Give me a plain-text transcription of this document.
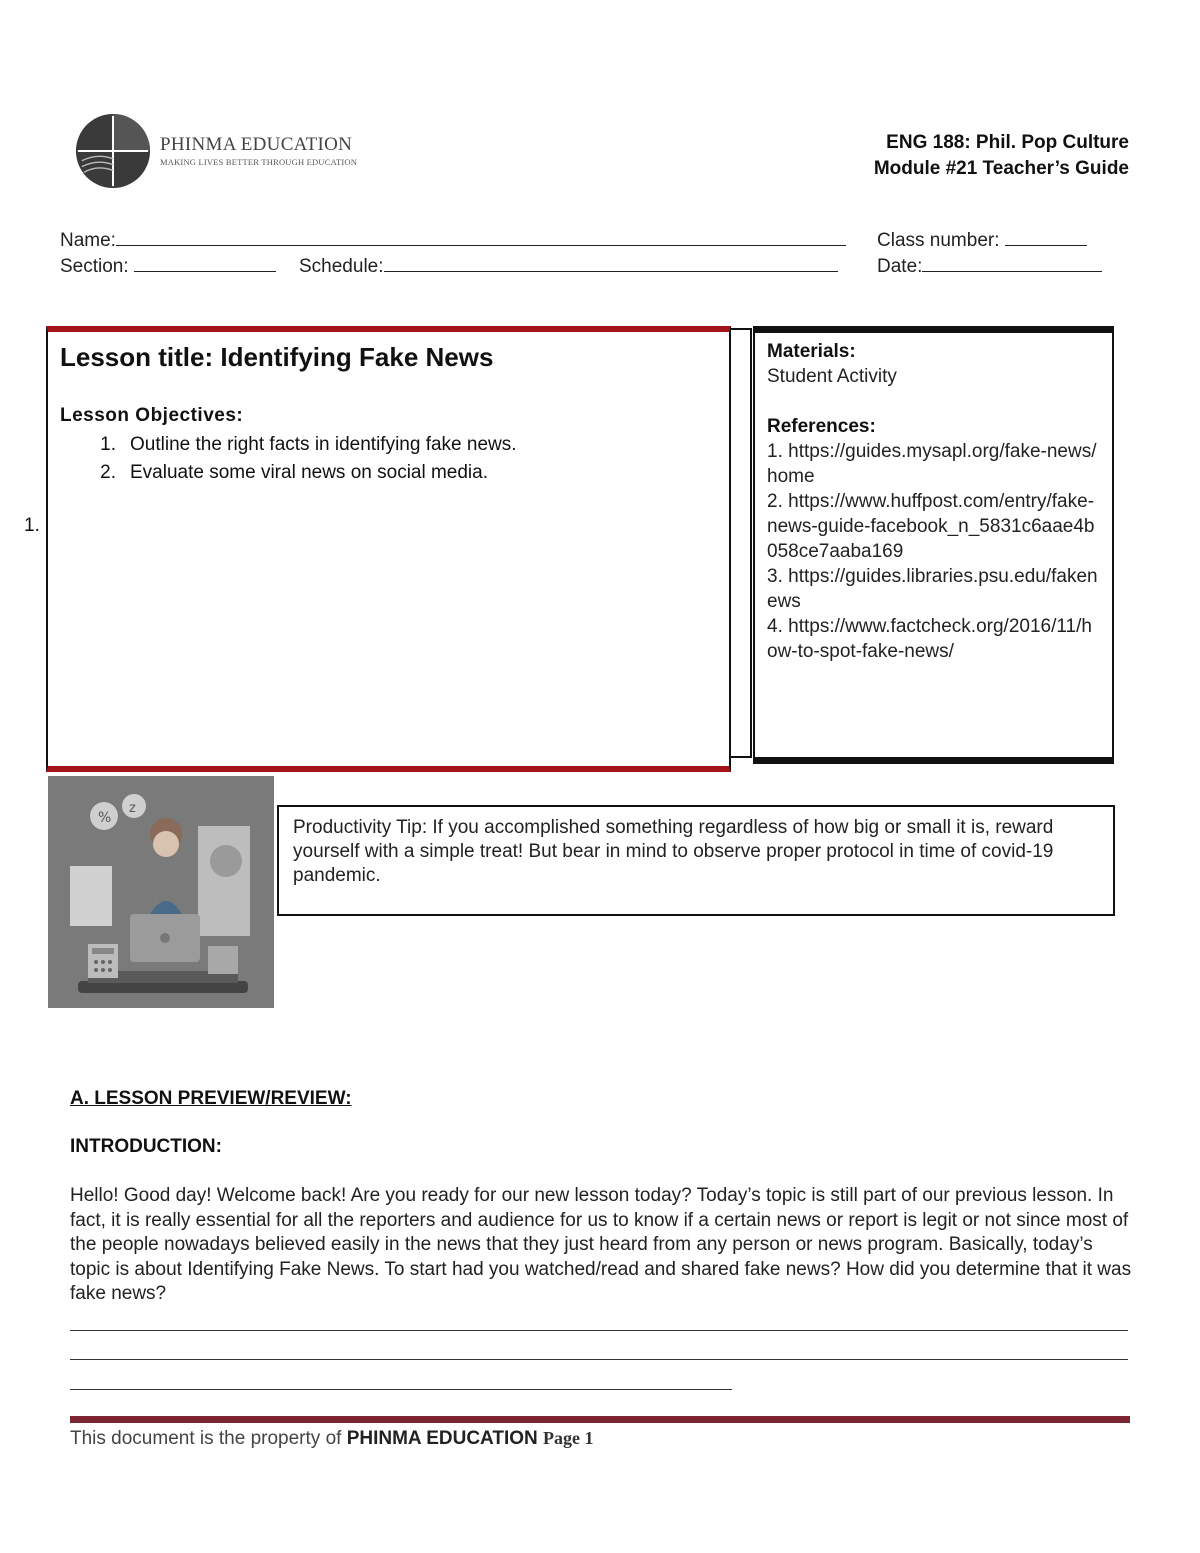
PHINMA EDUCATION
MAKING LIVES BETTER THROUGH EDUCATION
ENG 188: Phil. Pop Culture
Module #21 Teacher’s Guide
Name:	Class number:
Section:	Schedule:	Date:
Lesson title: Identifying Fake News
Lesson Objectives:
1. Outline the right facts in identifying fake news.
2. Evaluate some viral news on social media.
1.
Materials:
Student Activity
References:
1. https://guides.mysapl.org/fake-news/home
2. https://www.huffpost.com/entry/fake-news-guide-facebook_n_5831c6aae4b058ce7aaba169
3. https://guides.libraries.psu.edu/fakenews
4. https://www.factcheck.org/2016/11/how-to-spot-fake-news/
%
z
Productivity Tip: If you accomplished something regardless of how big or small it is, reward yourself with a simple treat! But bear in mind to observe proper protocol in time of covid-19 pandemic.
A. LESSON PREVIEW/REVIEW:
INTRODUCTION:
Hello! Good day! Welcome back! Are you ready for our new lesson today? Today’s topic is still part of our previous lesson. In fact, it is really essential for all the reporters and audience for us to know if a certain news or report is legit or not since most of the people nowadays believed easily in the news that they just heard from any person or news program. Basically, today’s topic is about Identifying Fake News. To start had you watched/read and shared fake news? How did you determine that it was fake news?
This document is the property of PHINMA EDUCATION Page 1
